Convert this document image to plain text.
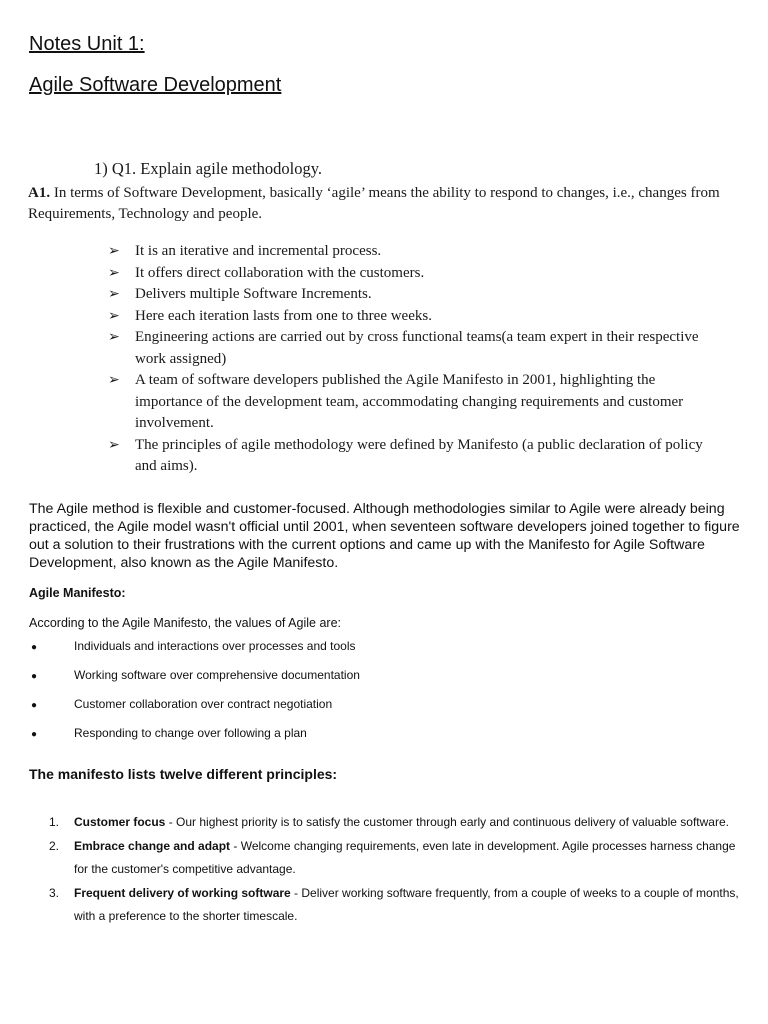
Notes Unit 1:
Agile Software Development
1) Q1. Explain agile methodology.
A1. In terms of Software Development, basically ‘agile’ means the ability to respond to changes, i.e., changes from Requirements, Technology and people.
➢ It is an iterative and incremental process.
➢ It offers direct collaboration with the customers.
➢ Delivers multiple Software Increments.
➢ Here each iteration lasts from one to three weeks.
➢ Engineering actions are carried out by cross functional teams(a team expert in their respective work assigned)
➢ A team of software developers published the Agile Manifesto in 2001, highlighting the importance of the development team, accommodating changing requirements and customer involvement.
➢ The principles of agile methodology were defined by Manifesto (a public declaration of policy and aims).
The Agile method is flexible and customer-focused. Although methodologies similar to Agile were already being practiced, the Agile model wasn't official until 2001, when seventeen software developers joined together to figure out a solution to their frustrations with the current options and came up with the Manifesto for Agile Software Development, also known as the Agile Manifesto.
Agile Manifesto:
According to the Agile Manifesto, the values of Agile are:
●	Individuals and interactions over processes and tools
●	Working software over comprehensive documentation
●	Customer collaboration over contract negotiation
●	Responding to change over following a plan
The manifesto lists twelve different principles:
1. Customer focus - Our highest priority is to satisfy the customer through early and continuous delivery of valuable software.
2. Embrace change and adapt - Welcome changing requirements, even late in development. Agile processes harness change for the customer's competitive advantage.
3. Frequent delivery of working software - Deliver working software frequently, from a couple of weeks to a couple of months, with a preference to the shorter timescale.
